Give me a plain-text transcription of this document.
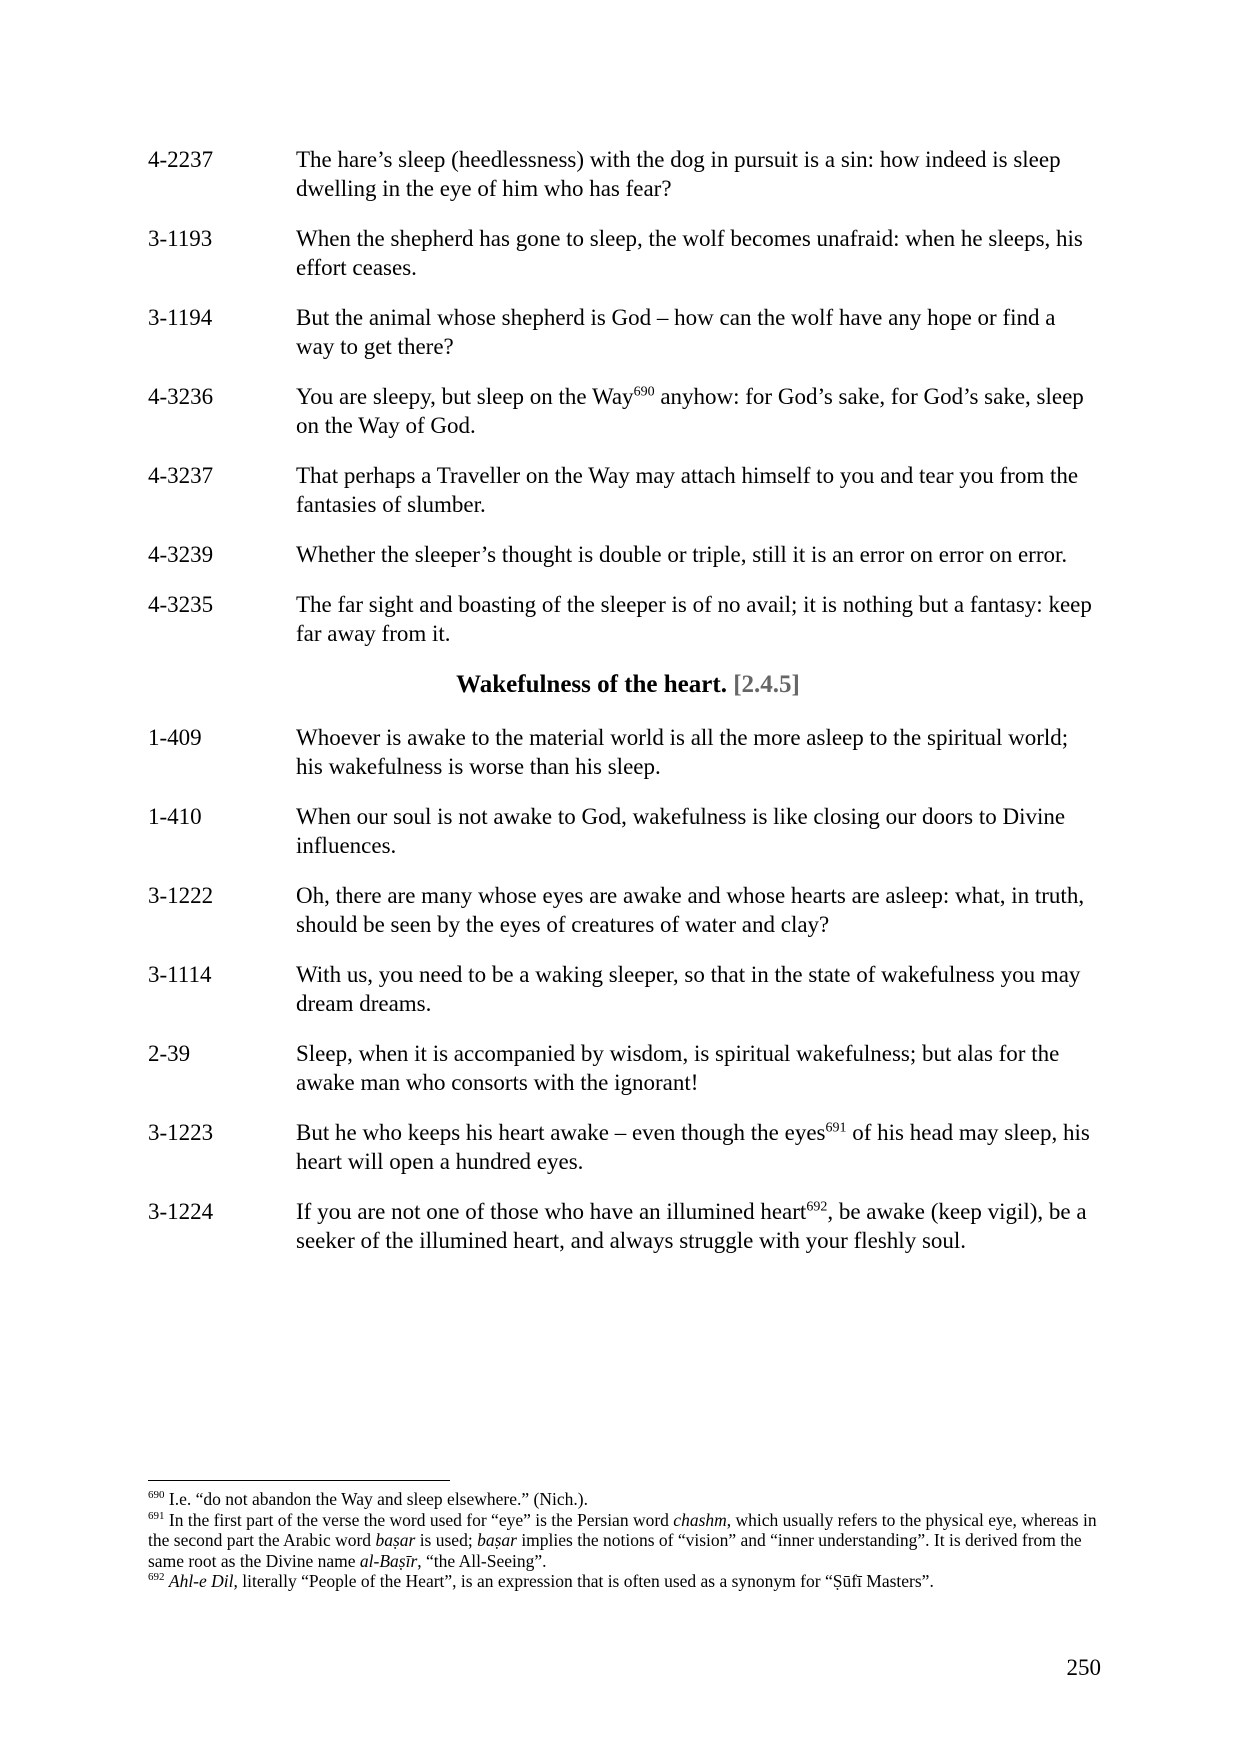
4-2237	The hare’s sleep (heedlessness) with the dog in pursuit is a sin: how indeed is sleep dwelling in the eye of him who has fear?
3-1193	When the shepherd has gone to sleep, the wolf becomes unafraid: when he sleeps, his effort ceases.
3-1194	But the animal whose shepherd is God – how can the wolf have any hope or find a way to get there?
4-3236	You are sleepy, but sleep on the Way$^{690}$ anyhow: for God’s sake, for God’s sake, sleep on the Way of God.
4-3237	That perhaps a Traveller on the Way may attach himself to you and tear you from the fantasies of slumber.
4-3239	Whether the sleeper’s thought is double or triple, still it is an error on error on error.
4-3235	The far sight and boasting of the sleeper is of no avail; it is nothing but a fantasy: keep far away from it.
Wakefulness of the heart. [2.4.5]
1-409	Whoever is awake to the material world is all the more asleep to the spiritual world; his wakefulness is worse than his sleep.
1-410	When our soul is not awake to God, wakefulness is like closing our doors to Divine influences.
3-1222	Oh, there are many whose eyes are awake and whose hearts are asleep: what, in truth, should be seen by the eyes of creatures of water and clay?
3-1114	With us, you need to be a waking sleeper, so that in the state of wakefulness you may dream dreams.
2-39	Sleep, when it is accompanied by wisdom, is spiritual wakefulness; but alas for the awake man who consorts with the ignorant!
3-1223	But he who keeps his heart awake – even though the eyes$^{691}$ of his head may sleep, his heart will open a hundred eyes.
3-1224	If you are not one of those who have an illumined heart$^{692}$, be awake (keep vigil), be a seeker of the illumined heart, and always struggle with your fleshly soul.
$^{690}$ I.e. “do not abandon the Way and sleep elsewhere.” (Nich.).
$^{691}$ In the first part of the verse the word used for “eye” is the Persian word chashm, which usually refers to the physical eye, whereas in the second part the Arabic word baṣar is used; baṣar implies the notions of “vision” and “inner understanding”. It is derived from the same root as the Divine name al-Baṣīr, “the All-Seeing”.
$^{692}$ Ahl-e Dil, literally “People of the Heart”, is an expression that is often used as a synonym for “Ṣūfī Masters”.
250
